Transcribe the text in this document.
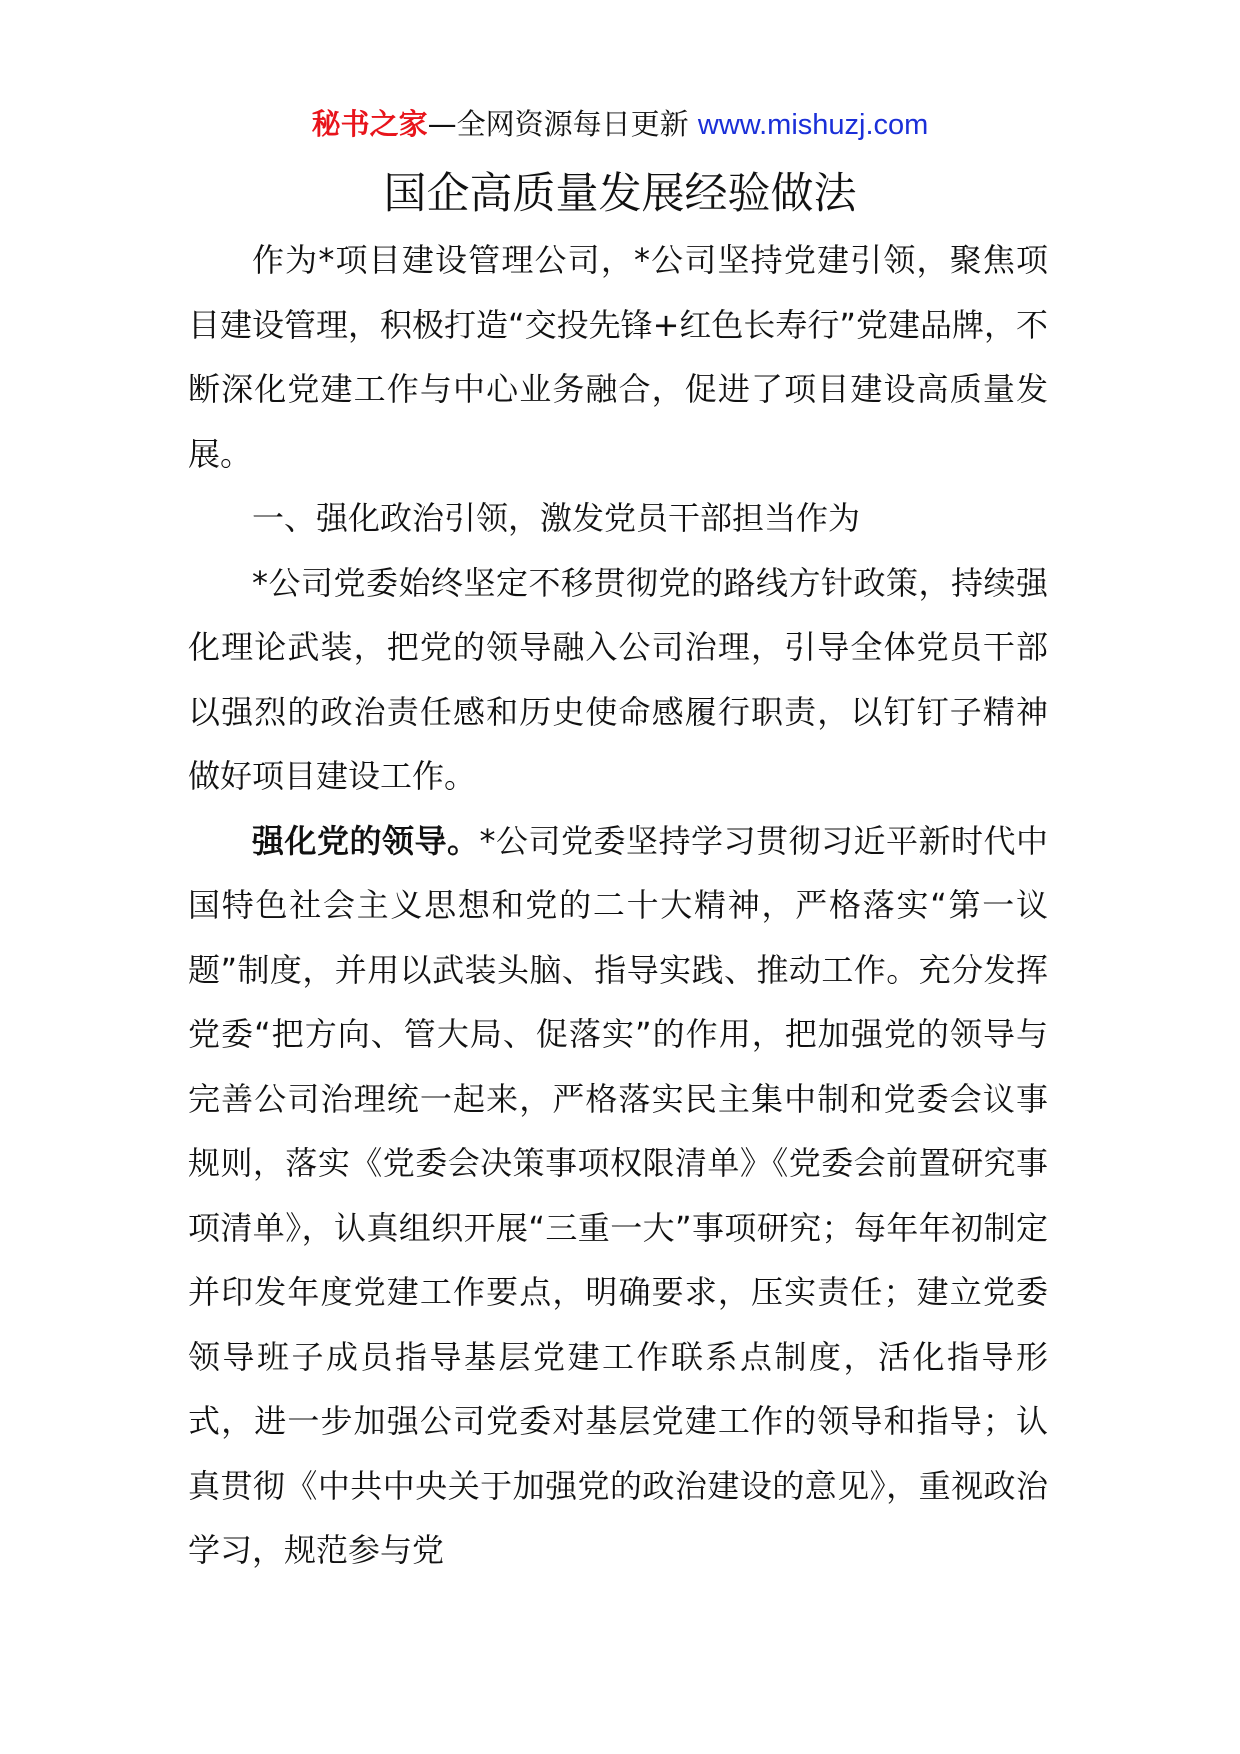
秘书之家—全网资源每日更新 www.mishuzj.com
国企高质量发展经验做法

作为*项目建设管理公司，*公司坚持党建引领，聚焦项目建设管理，积极打造“交投先锋+红色长寿行”党建品牌，不断深化党建工作与中心业务融合，促进了项目建设高质量发展。

一、强化政治引领，激发党员干部担当作为

*公司党委始终坚定不移贯彻党的路线方针政策，持续强化理论武装，把党的领导融入公司治理，引导全体党员干部以强烈的政治责任感和历史使命感履行职责，以钉钉子精神做好项目建设工作。

强化党的领导。*公司党委坚持学习贯彻习近平新时代中国特色社会主义思想和党的二十大精神，严格落实“第一议题”制度，并用以武装头脑、指导实践、推动工作。充分发挥党委“把方向、管大局、促落实”的作用，把加强党的领导与完善公司治理统一起来，严格落实民主集中制和党委会议事规则，落实《党委会决策事项权限清单》《党委会前置研究事项清单》，认真组织开展“三重一大”事项研究；每年年初制定并印发年度党建工作要点，明确要求，压实责任；建立党委领导班子成员指导基层党建工作联系点制度，活化指导形式，进一步加强公司党委对基层党建工作的领导和指导；认真贯彻《中共中央关于加强党的政治建设的意见》，重视政治学习，规范参与党
